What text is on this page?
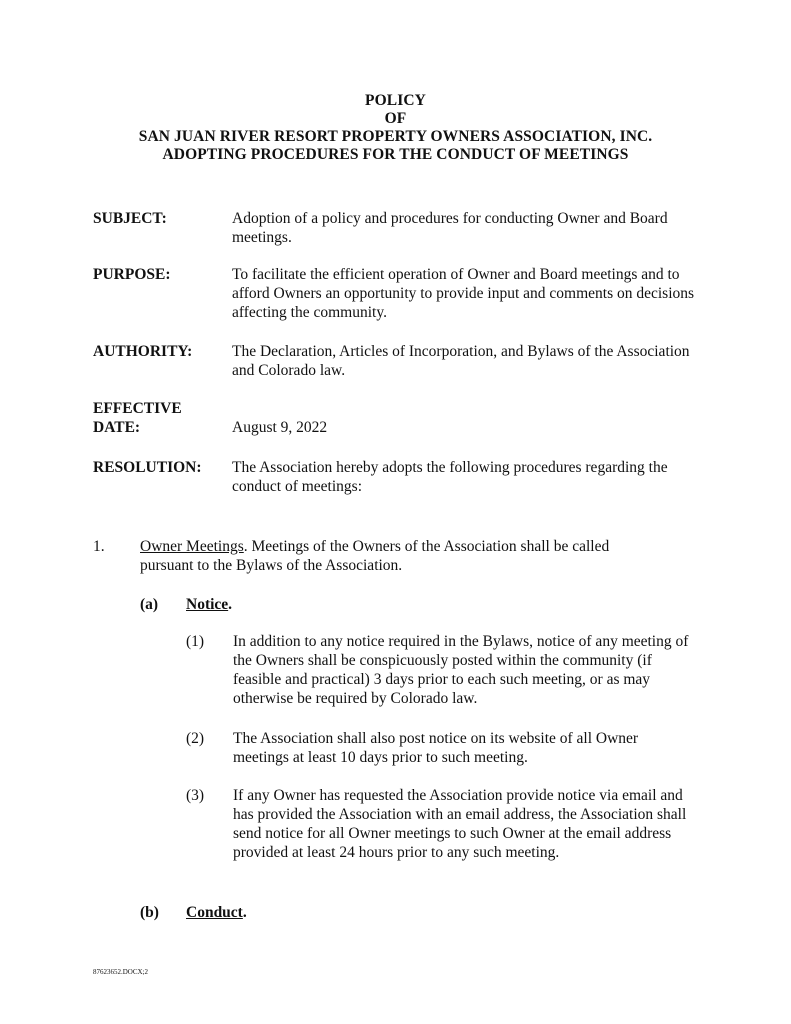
POLICY
OF
SAN JUAN RIVER RESORT PROPERTY OWNERS ASSOCIATION, INC.
ADOPTING PROCEDURES FOR THE CONDUCT OF MEETINGS
SUBJECT:	Adoption of a policy and procedures for conducting Owner and Board meetings.
PURPOSE:	To facilitate the efficient operation of Owner and Board meetings and to afford Owners an opportunity to provide input and comments on decisions affecting the community.
AUTHORITY:	The Declaration, Articles of Incorporation, and Bylaws of the Association and Colorado law.
EFFECTIVE
DATE:	August 9, 2022
RESOLUTION:	The Association hereby adopts the following procedures regarding the conduct of meetings:
1. Owner Meetings. Meetings of the Owners of the Association shall be called pursuant to the Bylaws of the Association.
(a) Notice.
(1) In addition to any notice required in the Bylaws, notice of any meeting of the Owners shall be conspicuously posted within the community (if feasible and practical) 3 days prior to each such meeting, or as may otherwise be required by Colorado law.
(2) The Association shall also post notice on its website of all Owner meetings at least 10 days prior to such meeting.
(3) If any Owner has requested the Association provide notice via email and has provided the Association with an email address, the Association shall send notice for all Owner meetings to such Owner at the email address provided at least 24 hours prior to any such meeting.
(b) Conduct.
87623652.DOCX;2
